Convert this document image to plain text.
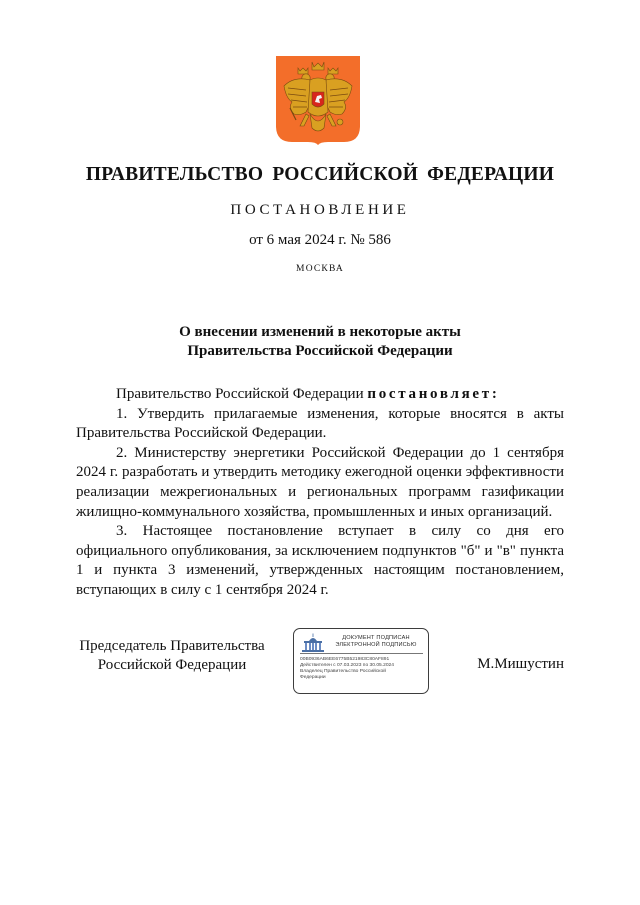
ПРАВИТЕЛЬСТВО РОССИЙСКОЙ ФЕДЕРАЦИИ
ПОСТАНОВЛЕНИЕ
от 6 мая 2024 г. № 586
МОСКВА
О внесении изменений в некоторые акты
Правительства Российской Федерации

Правительство Российской Федерации постановляет:

1. Утвердить прилагаемые изменения, которые вносятся в акты Правительства Российской Федерации.

2. Министерству энергетики Российской Федерации до 1 сентября 2024 г. разработать и утвердить методику ежегодной оценки эффективности реализации межрегиональных и региональных программ газификации жилищно-коммунального хозяйства, промышленных и иных организаций.

3. Настоящее постановление вступает в силу со дня его официального опубликования, за исключением подпунктов "б" и "в" пункта 1 и пункта 3 изменений, утвержденных настоящим постановлением, вступающих в силу с 1 сентября 2024 г.

Председатель Правительства
Российской Федерации
ДОКУМЕНТ ПОДПИСАН
ЭЛЕКТРОННОЙ ПОДПИСЬЮ
00B0936AB6EE6775B521983C80AF891
Действителен с 07.03.2023 по 30.05.2024
Владелец Правительство Российской
Федерации
М.Мишустин
